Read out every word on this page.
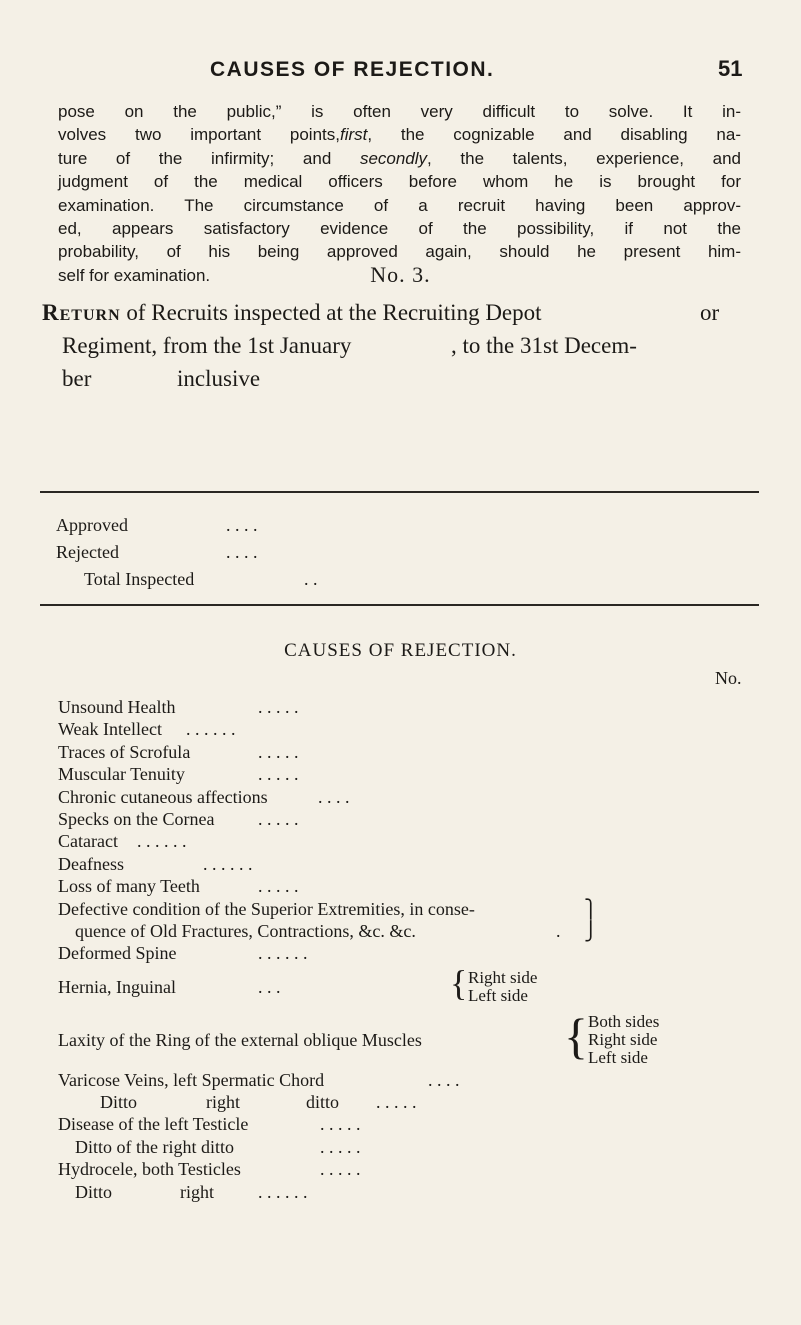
CAUSES OF REJECTION.	51

pose on the public,” is often very difficult to solve. It in-

volves two important points,first, the cognizable and disabling na-

ture of the infirmity; and secondly, the talents, experience, and

judgment of the medical officers before whom he is brought for

examination. The circumstance of a recruit having been approv-

ed, appears satisfactory evidence of the possibility, if not the

probability, of his being approved again, should he present him-

self for examination.	No. 3.
Return of Recruits inspected at the Recruiting Depot	or
Regiment, from the 1st January	, to the 31st Decem-
ber	inclusive
Approved	. . . .
Rejected	. . . .
Total Inspected	. .
CAUSES OF REJECTION.
No.
Unsound Health	. . . . .
Weak Intellect . . . . . .
Traces of Scrofula	. . . . .
Muscular Tenuity	. . . . .
Chronic cutaneous affections	. . . .
Specks on the Cornea . . . . .
Cataract . . . . . .
Deafness	. . . . . .
Loss of many Teeth	. . . . .
Defective condition of the Superior Extremities, in conse-	⎫
quence of Old Fractures, Contractions, &c. &c.	. ⎭
Deformed Spine	. . . . . .
Hernia, Inguinal	. . .	{ Right side
Left side
Laxity of the Ring of the external oblique Muscles	{ Both sides
Right side
Left side
Varicose Veins, left Spermatic Chord	. . . .
Ditto	right	ditto . . . . .
Disease of the left Testicle	. . . . .
Ditto of the right ditto	. . . . .
Hydrocele, both Testicles	. . . . .
Ditto	right . . . . . .
